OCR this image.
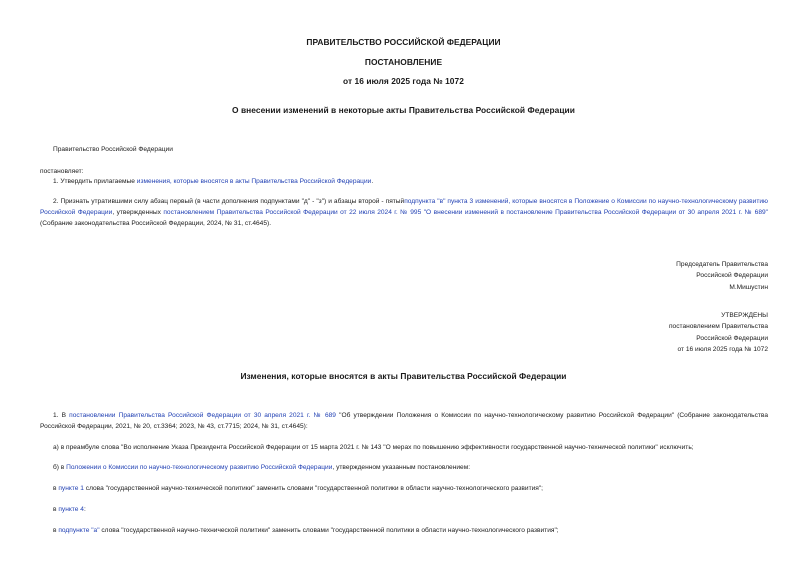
ПРАВИТЕЛЬСТВО РОССИЙСКОЙ ФЕДЕРАЦИИ
ПОСТАНОВЛЕНИЕ
от 16 июля 2025 года № 1072
О внесении изменений в некоторые акты Правительства Российской Федерации
Правительство Российской Федерации
постановляет:
1. Утвердить прилагаемые изменения, которые вносятся в акты Правительства Российской Федерации.
2. Признать утратившими силу абзац первый (в части дополнения подпунктами "д" - "з") и абзацы второй - пятыйподпункта "в" пункта 3 изменений, которые вносятся в Положение о Комиссии по научно-технологическому развитию Российской Федерации, утвержденных постановлением Правительства Российской Федерации от 22 июля 2024 г. № 995 "О внесении изменений в постановление Правительства Российской Федерации от 30 апреля 2021 г. № 689" (Собрание законодательства Российской Федерации, 2024, № 31, ст.4645).
Председатель Правительства
Российской Федерации
М.Мишустин
УТВЕРЖДЕНЫ
постановлением Правительства
Российской Федерации
от 16 июля 2025 года № 1072
Изменения, которые вносятся в акты Правительства Российской Федерации
1. В постановлении Правительства Российской Федерации от 30 апреля 2021 г. № 689 "Об утверждении Положения о Комиссии по научно-технологическому развитию Российской Федерации" (Собрание законодательства Российской Федерации, 2021, № 20, ст.3364; 2023, № 43, ст.7715; 2024, № 31, ст.4645):
а) в преамбуле слова "Во исполнение Указа Президента Российской Федерации от 15 марта 2021 г. № 143 "О мерах по повышению эффективности государственной научно-технической политики" исключить;
б) в Положении о Комиссии по научно-технологическому развитию Российской Федерации, утвержденном указанным постановлением:
в пункте 1 слова "государственной научно-технической политики" заменить словами "государственной политики в области научно-технологического развития";
в пункте 4:
в подпункте "а" слова "государственной научно-технической политики" заменить словами "государственной политики в области научно-технологического развития";
